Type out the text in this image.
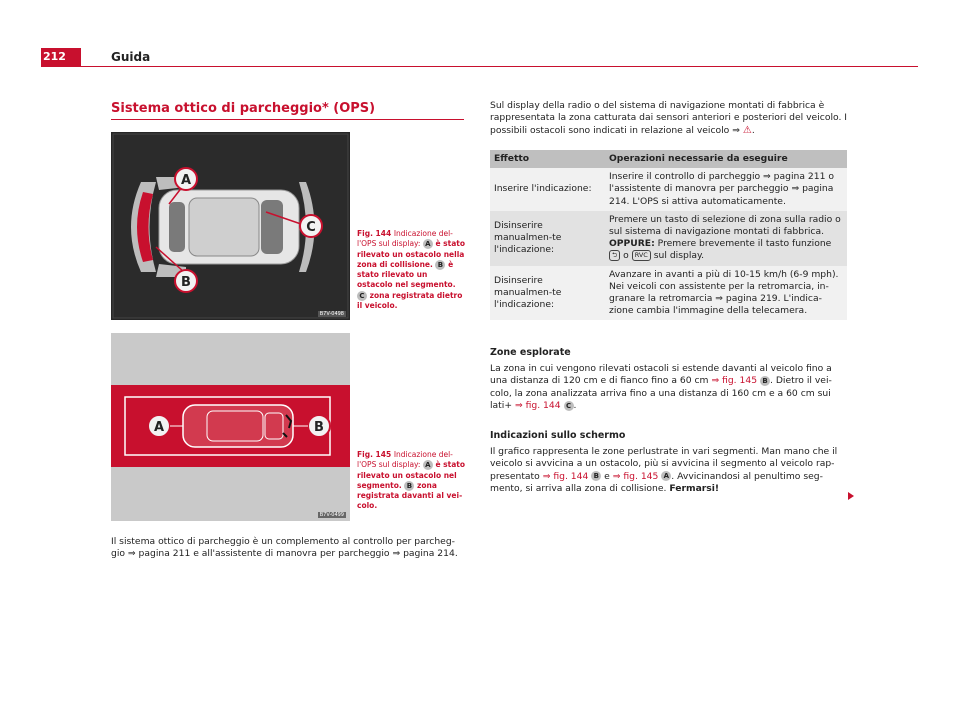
212	Guida
Sistema ottico di parcheggio* (OPS)
A
B
C
B7V-0498
Fig. 144 Indicazione del-l'OPS sul display: A è stato rilevato un ostacolo nella zona di collisione. B è stato rilevato un ostacolo nel segmento. C zona registrata dietro il veicolo.
A	B
B7V-0499
Fig. 145 Indicazione del-l'OPS sul display: A è stato rilevato un ostacolo nel segmento. B zona registrata davanti al vei-colo.
Il sistema ottico di parcheggio è un complemento al controllo per parcheg-gio ⇒ pagina 211 e all'assistente di manovra per parcheggio ⇒ pagina 214.
Sul display della radio o del sistema di navigazione montati di fabbrica è rappresentata la zona catturata dai sensori anteriori e posteriori del veicolo. I possibili ostacoli sono indicati in relazione al veicolo ⇒ ⚠.
Effetto	Operazioni necessarie da eseguire
Inserire l'indicazione:	Inserire il controllo di parcheggio ⇒ pagina 211 o l'assistente di manovra per parcheggio ⇒ pagina 214. L'OPS si attiva automaticamente.
Disinserire manualmen-te l'indicazione:	Premere un tasto di selezione di zona sulla radio o sul sistema di navigazione montati di fabbrica. OPPURE: Premere brevemente il tasto funzione ⮌ o RVC sul display.
Disinserire manualmen-te l'indicazione:	Avanzare in avanti a più di 10-15 km/h (6-9 mph). Nei veicoli con assistente per la retromarcia, in-granare la retromarcia ⇒ pagina 219. L'indica-zione cambia l'immagine della telecamera.
Zone esplorate
La zona in cui vengono rilevati ostacoli si estende davanti al veicolo fino a una distanza di 120 cm e di fianco fino a 60 cm ⇒ fig. 145 B . Dietro il vei-colo, la zona analizzata arriva fino a una distanza di 160 cm e a 60 cm sui lati+ ⇒ fig. 144 C .
Indicazioni sullo schermo
Il grafico rappresenta le zone perlustrate in vari segmenti. Man mano che il veicolo si avvicina a un ostacolo, più si avvicina il segmento al veicolo rap-presentato ⇒ fig. 144 B e ⇒ fig. 145 A . Avvicinandosi al penultimo seg-mento, si arriva alla zona di collisione. Fermarsi!
